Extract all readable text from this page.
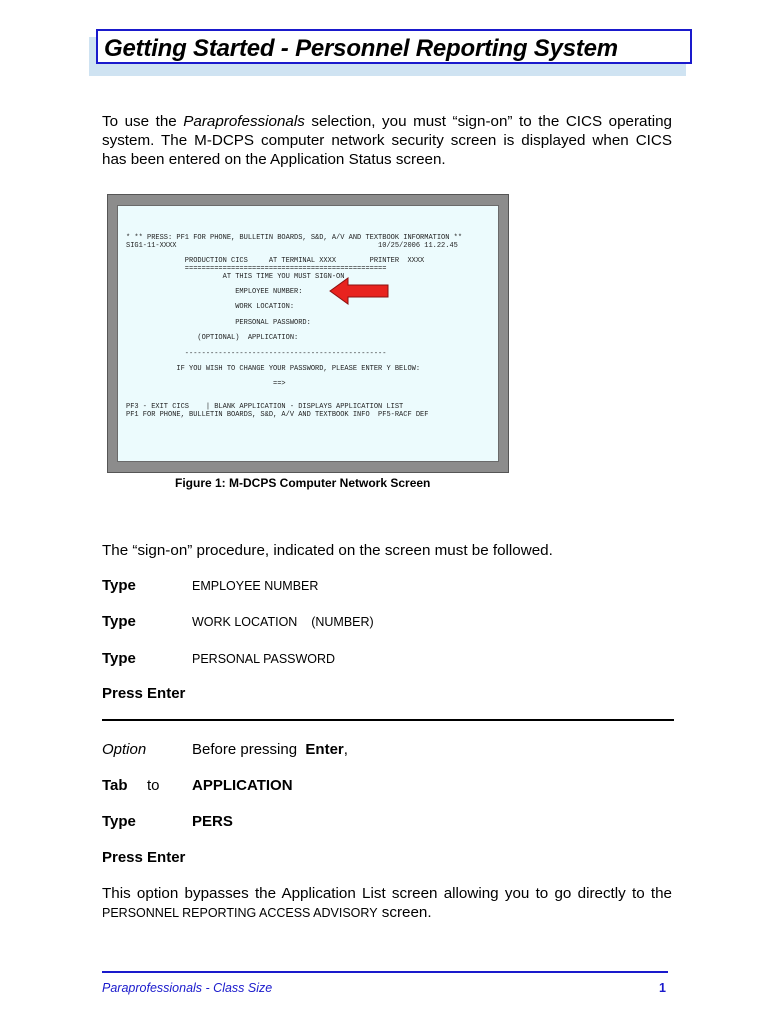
Getting Started - Personnel Reporting System
To use the Paraprofessionals selection, you must “sign-on” to the CICS operating system. The M-DCPS computer network security screen is displayed when CICS has been entered on the Application Status screen.
* ** PRESS: PF1 FOR PHONE, BULLETIN BOARDS, S&D, A/V AND TEXTBOOK INFORMATION **
SIG1-11-XXXX                                                10/25/2006 11.22.45
PRODUCTION CICS     AT TERMINAL XXXX        PRINTER  XXXX
================================================
AT THIS TIME YOU MUST SIGN-ON
EMPLOYEE NUMBER:
WORK LOCATION:
PERSONAL PASSWORD:
(OPTIONAL)  APPLICATION:
------------------------------------------------
IF YOU WISH TO CHANGE YOUR PASSWORD, PLEASE ENTER Y BELOW:
==>
PF3 - EXIT CICS    | BLANK APPLICATION - DISPLAYS APPLICATION LIST
PF1 FOR PHONE, BULLETIN BOARDS, S&D, A/V AND TEXTBOOK INFO  PF5-RACF DEF
Figure 1: M-DCPS Computer Network Screen
The “sign-on” procedure, indicated on the screen must be followed.
Type	EMPLOYEE NUMBER
Type	WORK LOCATION    (NUMBER)
Type	PERSONAL PASSWORD
Press Enter
Option	Before pressing  Enter,
Tab to APPLICATION
Type	PERS
Press Enter
This option bypasses the Application List screen allowing you to go directly to the PERSONNEL REPORTING ACCESS ADVISORY screen.
Paraprofessionals - Class Size	1
